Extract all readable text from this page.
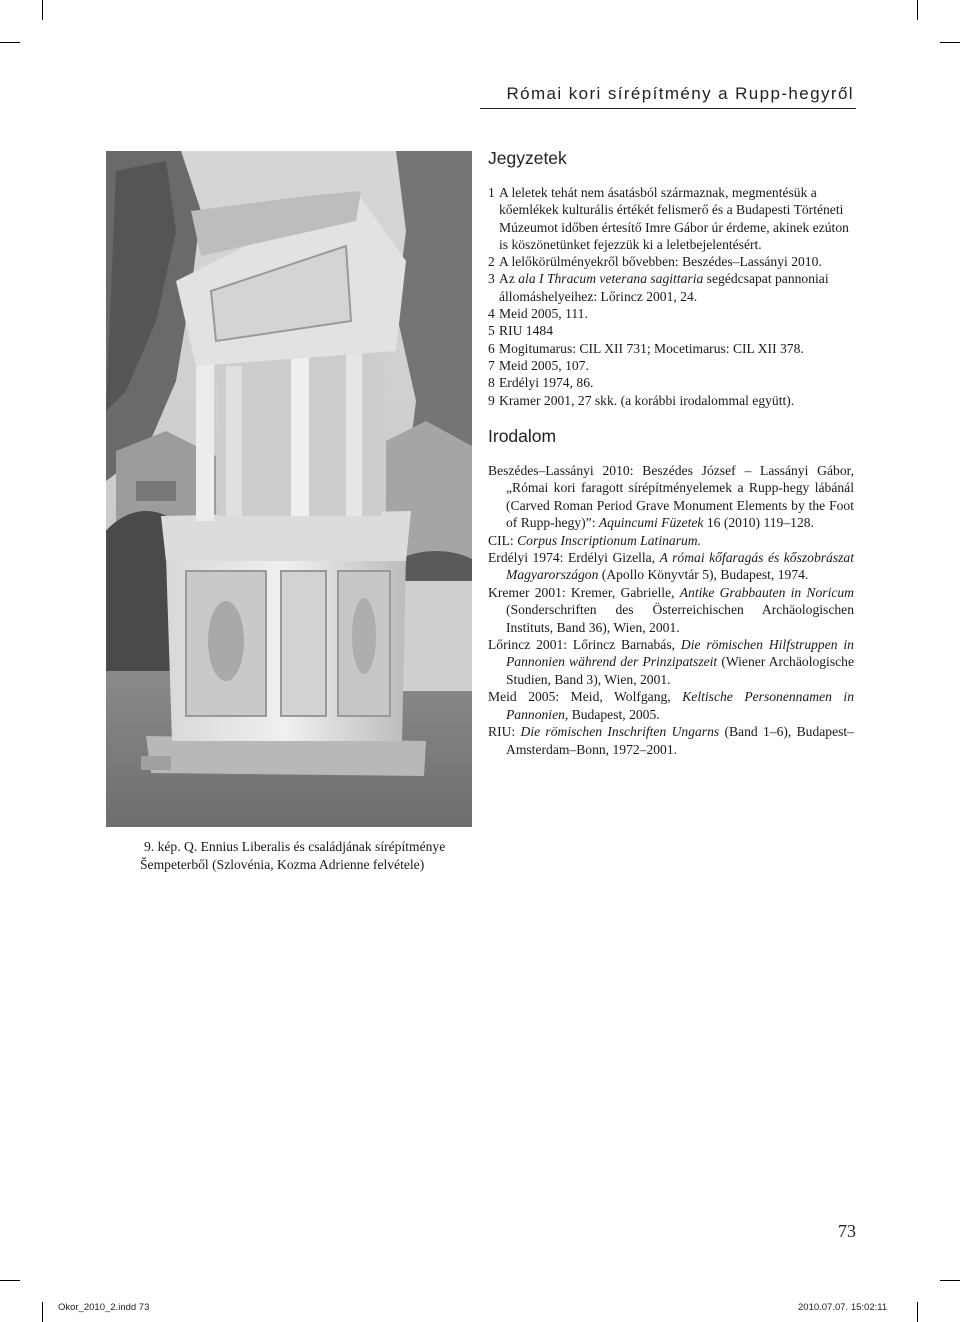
Római kori sírépítmény a Rupp-hegyről
9. kép. Q. Ennius Liberalis és családjának sírépítménye
Šempeterből (Szlovénia, Kozma Adrienne felvétele)
Jegyzetek
1 A leletek tehát nem ásatásból származnak, megmentésük a kőemlékek kulturális értékét felismerő és a Budapesti Történeti Múzeumot időben értesítő Imre Gábor úr érdeme, akinek ezúton is köszönetünket fejezzük ki a leletbejelentésért.
2 A lelőkörülményekről bővebben: Beszédes–Lassányi 2010.
3 Az ala I Thracum veterana sagittaria segédcsapat pannoniai állomáshelyeihez: Lőrincz 2001, 24.
4 Meid 2005, 111.
5 RIU 1484
6 Mogitumarus: CIL XII 731; Mocetimarus: CIL XII 378.
7 Meid 2005, 107.
8 Erdélyi 1974, 86.
9 Kramer 2001, 27 skk. (a korábbi irodalommal együtt).
Irodalom
Beszédes–Lassányi 2010: Beszédes József – Lassányi Gábor, „Római kori faragott sírépítményelemek a Rupp-hegy lábánál (Carved Roman Period Grave Monument Elements by the Foot of Rupp-hegy)”: Aquincumi Füzetek 16 (2010) 119–128.
CIL: Corpus Inscriptionum Latinarum.
Erdélyi 1974: Erdélyi Gizella, A római kőfaragás és kőszobrászat Magyarországon (Apollo Könyvtár 5), Budapest, 1974.
Kremer 2001: Kremer, Gabrielle, Antike Grabbauten in Noricum (Sonderschriften des Österreichischen Archäologischen Instituts, Band 36), Wien, 2001.
Lőrincz 2001: Lőrincz Barnabás, Die römischen Hilfstruppen in Pannonien während der Prinzipatszeit (Wiener Archäologische Studien, Band 3), Wien, 2001.
Meid 2005: Meid, Wolfgang, Keltische Personennamen in Pannonien, Budapest, 2005.
RIU: Die römischen Inschriften Ungarns (Band 1–6), Budapest–Amsterdam–Bonn, 1972–2001.
73
Okor_2010_2.indd 73	2010.07.07. 15:02:11
